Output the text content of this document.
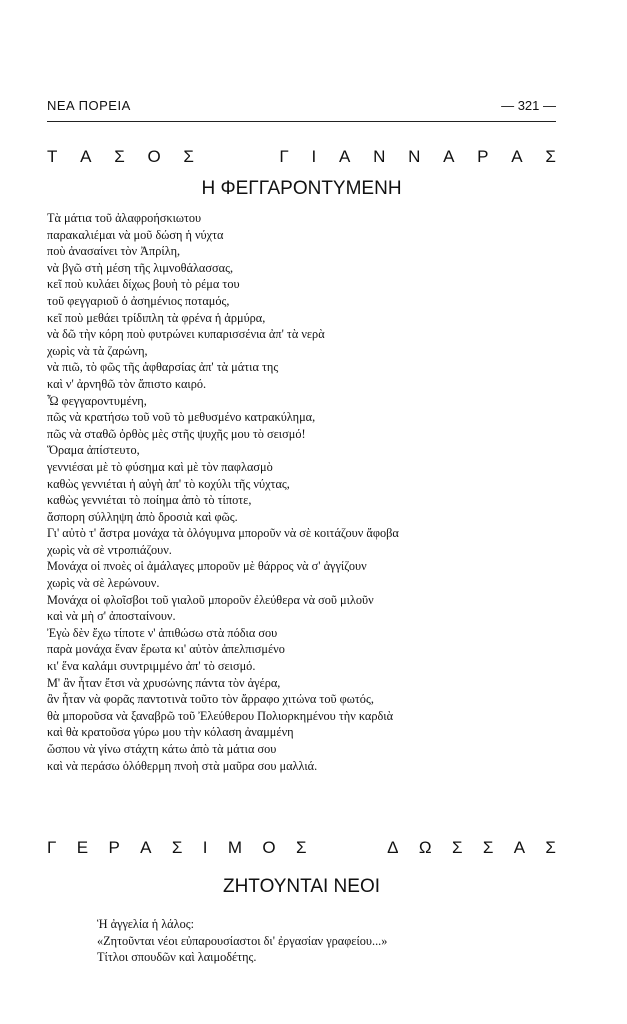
ΝΕΑ ΠΟΡΕΙΑ	— 321 —
Τ Α Σ Ο Σ	Γ Ι Α Ν Ν Α Ρ Α Σ
Η ΦΕΓΓΑΡΟΝΤΥΜΕΝΗ
Τὰ μάτια τοῦ ἀλαφροήσκιωτου
παρακαλιέμαι νὰ μοῦ δώση ἡ νύχτα
ποὺ ἀνασαίνει τὸν Ἀπρίλη,
νὰ βγῶ στὴ μέση τῆς λιμνοθάλασσας,
κεῖ ποὺ κυλάει δίχως βουὴ τὸ ρέμα του
τοῦ φεγγαριοῦ ὁ ἀσημένιος ποταμός,
κεῖ ποὺ μεθάει τρίδιπλη τὰ φρένα ἡ ἁρμύρα,
νὰ δῶ τὴν κόρη ποὺ φυτρώνει κυπαρισσένια ἀπ' τὰ νερὰ
χωρὶς νὰ τὰ ζαρώνη,
νὰ πιῶ, τὸ φῶς τῆς ἀφθαρσίας ἀπ' τὰ μάτια της
καὶ ν' ἀρνηθῶ τὸν ἄπιστο καιρό.
Ὦ φεγγαροντυμένη,
πῶς νὰ κρατήσω τοῦ νοῦ τὸ μεθυσμένο κατρακύλημα,
πῶς νὰ σταθῶ ὀρθὸς μὲς στῆς ψυχῆς μου τὸ σεισμό!
Ὅραμα ἀπίστευτο,
γεννιέσαι μὲ τὸ φύσημα καὶ μὲ τὸν παφλασμὸ
καθὼς γεννιέται ἡ αὐγὴ ἀπ' τὸ κοχύλι τῆς νύχτας,
καθὼς γεννιέται τὸ ποίημα ἀπὸ τὸ τίποτε,
ἄσπορη σύλληψη ἀπὸ δροσιὰ καὶ φῶς.
Γι' αὐτὸ τ' ἄστρα μονάχα τὰ ὀλόγυμνα μποροῦν νὰ σὲ κοιτάζουν ἄφοβα
χωρὶς νὰ σὲ ντροπιάζουν.
Μονάχα οἱ πνοὲς οἱ ἀμάλαγες μποροῦν μὲ θάρρος νὰ σ' ἀγγίζουν
χωρὶς νὰ σὲ λερώνουν.
Μονάχα οἱ φλοῖσβοι τοῦ γιαλοῦ μποροῦν ἐλεύθερα νὰ σοῦ μιλοῦν
καὶ νὰ μὴ σ' ἀποσταίνουν.
Ἐγὼ δὲν ἔχω τίποτε ν' ἀπιθώσω στὰ πόδια σου
παρὰ μονάχα ἕναν ἔρωτα κι' αὐτὸν ἀπελπισμένο
κι' ἕνα καλάμι συντριμμένο ἀπ' τὸ σεισμό.
Μ' ἂν ἦταν ἔτσι νὰ χρυσώνης πάντα τὸν ἀγέρα,
ἂν ἦταν νὰ φορᾶς παντοτινὰ τοῦτο τὸν ἄρραφο χιτώνα τοῦ φωτός,
θὰ μποροῦσα νὰ ξαναβρῶ τοῦ Ἐλεύθερου Πολιορκημένου τὴν καρδιὰ
καὶ θὰ κρατοῦσα γύρω μου τὴν κόλαση ἀναμμένη
ὥσπου νὰ γίνω στάχτη κάτω ἀπὸ τὰ μάτια σου
καὶ νὰ περάσω ὁλόθερμη πνοὴ στὰ μαῦρα σου μαλλιά.
Γ Ε Ρ Α Σ Ι Μ Ο Σ	Δ Ω Σ Σ Α Σ
ΖΗΤΟΥΝΤΑΙ ΝΕΟΙ
Ἡ ἀγγελία ἡ λάλος:
«Ζητοῦνται νέοι εὐπαρουσίαστοι δι' ἐργασίαν γραφείου...»
Τίτλοι σπουδῶν καὶ λαιμοδέτης.
